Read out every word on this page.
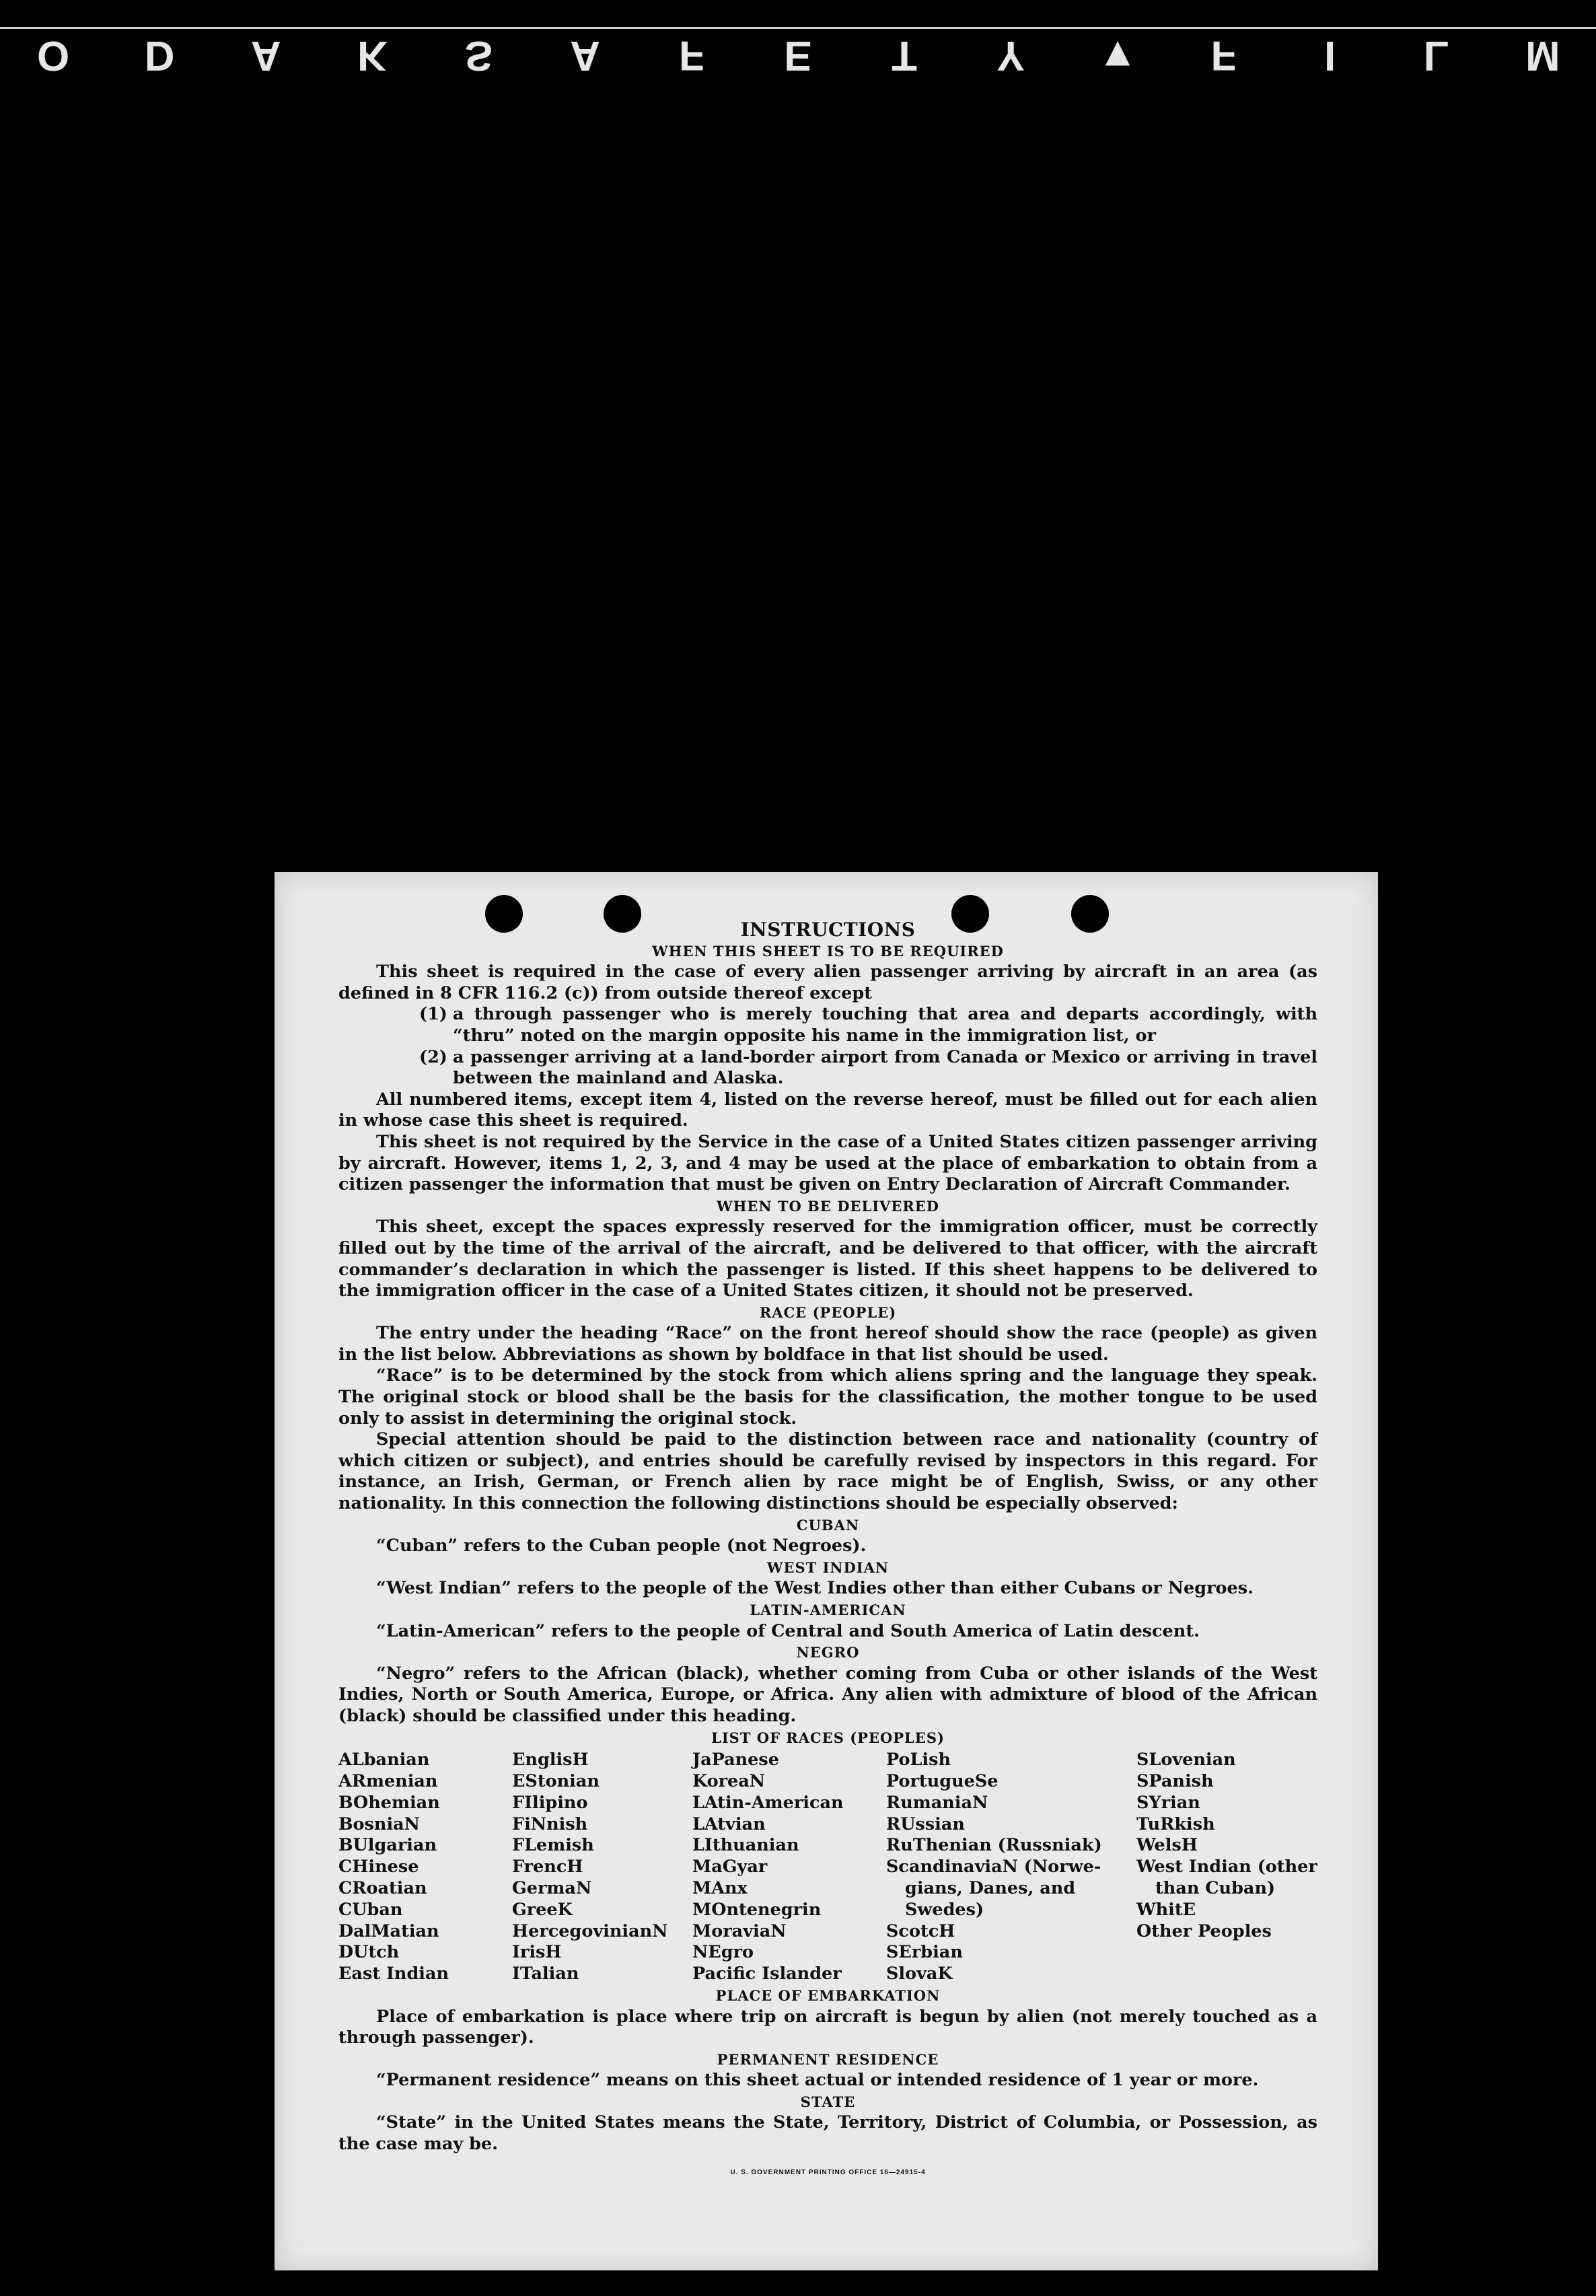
O D A K S A F E T Y ▼ F	I	L M

INSTRUCTIONS

WHEN THIS SHEET IS TO BE REQUIRED

This sheet is required in the case of every alien passenger arriving by aircraft in an area (as defined in 8 CFR 116.2 (c)) from outside thereof except

(1) a through passenger who is merely touching that area and departs accordingly, with “thru” noted on the margin opposite his name in the immigration list, or
(2) a passenger arriving at a land-border airport from Canada or Mexico or arriving in travel between the mainland and Alaska.

All numbered items, except item 4, listed on the reverse hereof, must be filled out for each alien in whose case this sheet is required.

This sheet is not required by the Service in the case of a United States citizen passenger arriving by aircraft. However, items 1, 2, 3, and 4 may be used at the place of embarkation to obtain from a citizen passenger the information that must be given on Entry Declaration of Aircraft Commander.

WHEN TO BE DELIVERED

This sheet, except the spaces expressly reserved for the immigration officer, must be correctly filled out by the time of the arrival of the aircraft, and be delivered to that officer, with the aircraft commander’s declaration in which the passenger is listed. If this sheet happens to be delivered to the immigration officer in the case of a United States citizen, it should not be preserved.

RACE (PEOPLE)

The entry under the heading “Race” on the front hereof should show the race (people) as given in the list below. Abbreviations as shown by boldface in that list should be used.

“Race” is to be determined by the stock from which aliens spring and the language they speak. The original stock or blood shall be the basis for the classification, the mother tongue to be used only to assist in determining the original stock.

Special attention should be paid to the distinction between race and nationality (country of which citizen or subject), and entries should be carefully revised by inspectors in this regard. For instance, an Irish, German, or French alien by race might be of English, Swiss, or any other nationality. In this connection the following distinctions should be especially observed:

CUBAN

“Cuban” refers to the Cuban people (not Negroes).

WEST INDIAN

“West Indian” refers to the people of the West Indies other than either Cubans or Negroes.

LATIN-AMERICAN

“Latin-American” refers to the people of Central and South America of Latin descent.

NEGRO

“Negro” refers to the African (black), whether coming from Cuba or other islands of the West Indies, North or South America, Europe, or Africa. Any alien with admixture of blood of the African (black) should be classified under this heading.

LIST OF RACES (PEOPLES)

ALbanian
ARmenian
BOhemian
BosniaN
BUlgarian
CHinese
CRoatian
CUban
DalMatian
DUtch
East Indian
EnglisH
EStonian
FIlipino
FiNnish
FLemish
FrencH
GermaN
GreeK
HercegovinianN
IrisH
ITalian
JaPanese
KoreaN
LAtin-American
LAtvian
LIthuanian
MaGyar
MAnx
MOntenegrin
MoraviaN
NEgro
Pacific Islander
PoLish
PortugueSe
RumaniaN
RUssian
RuThenian (Russniak)
ScandinaviaN (Norwe-
gians, Danes, and
Swedes)
ScotcH
SErbian
SlovaK
SLovenian
SPanish
SYrian
TuRkish
WelsH
West Indian (other
than Cuban)
WhitE
Other Peoples

PLACE OF EMBARKATION

Place of embarkation is place where trip on aircraft is begun by alien (not merely touched as a through passenger).

PERMANENT RESIDENCE

“Permanent residence” means on this sheet actual or intended residence of 1 year or more.

STATE

“State” in the United States means the State, Territory, District of Columbia, or Possession, as the case may be.

U. S. GOVERNMENT PRINTING OFFICE 16—24915-4
